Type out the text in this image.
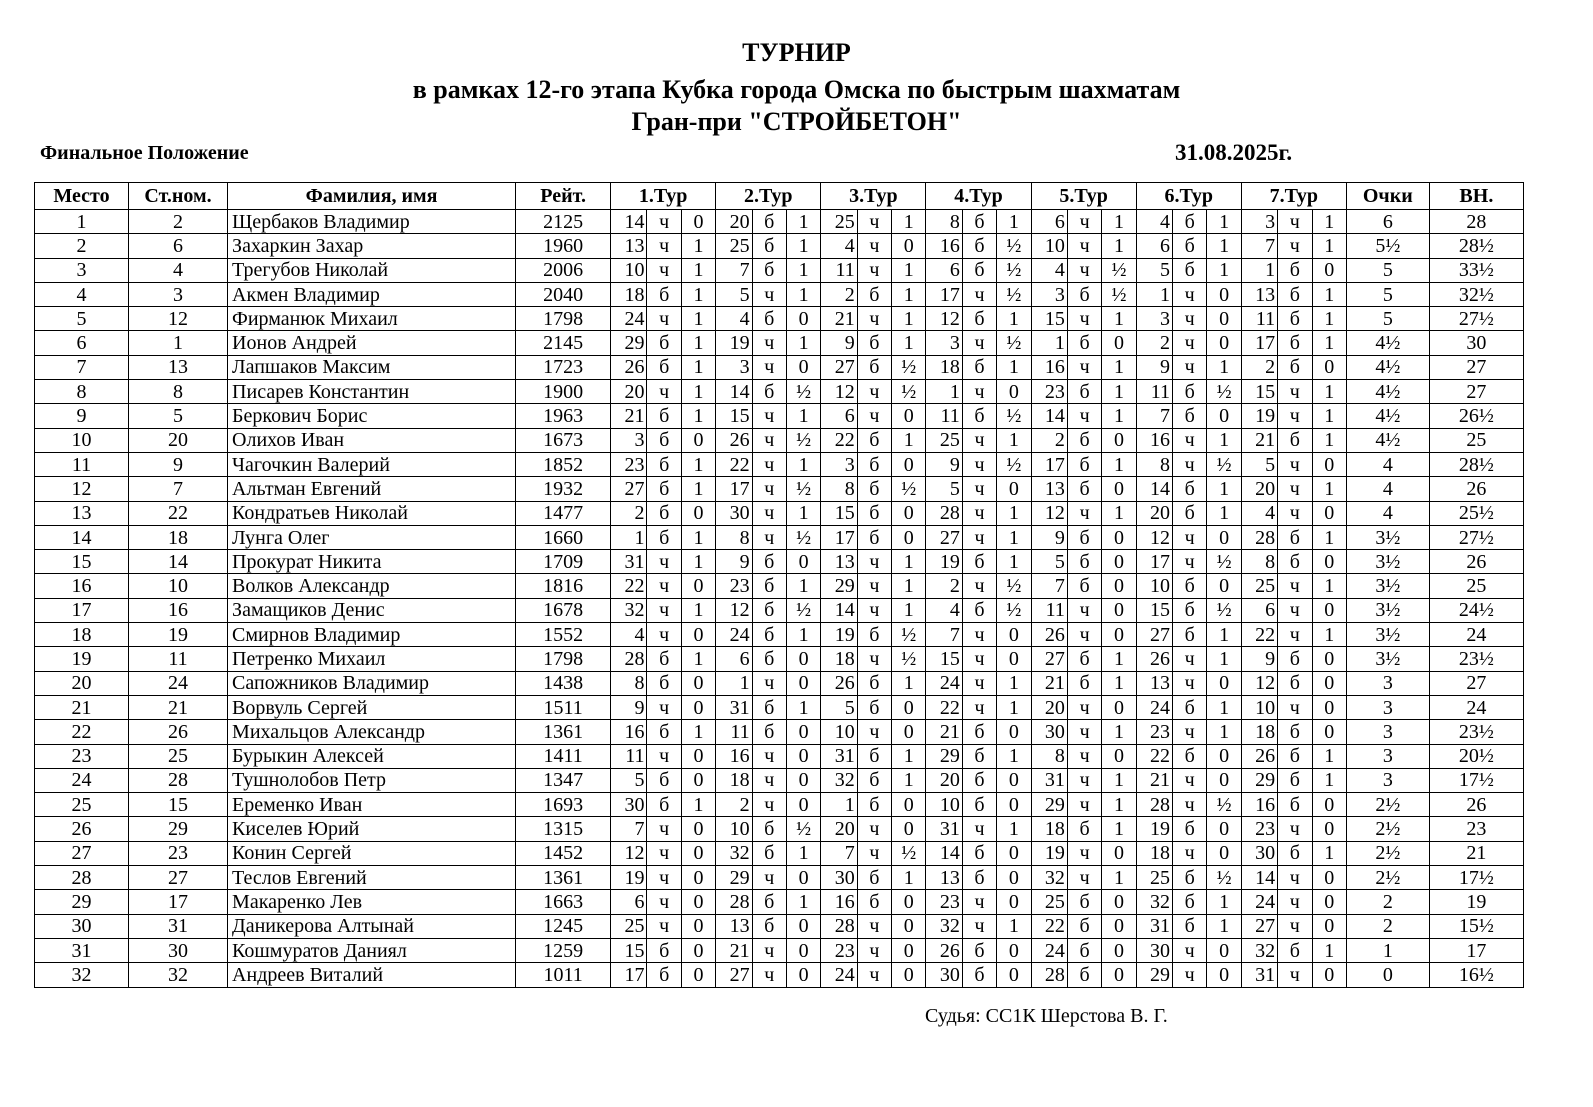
ТУРНИР
в рамках 12-го этапа Кубка города Омска по быстрым шахматам
Гран-при "СТРОЙБЕТОН"
Финальное Положение	31.08.2025г.
Место	Ст.ном.	Фамилия, имя	Рейт.	1.Тур			2.Тур			3.Тур			4.Тур			5.Тур			6.Тур			7.Тур			Очки	ВН.
1	2	Щербаков Владимир	2125	14	ч	0	20	б	1	25	ч	1	8	б	1	6	ч	1	4	б	1	3	ч	1	6	28
2	6	Захаркин Захар	1960	13	ч	1	25	б	1	4	ч	0	16	б	½	10	ч	1	6	б	1	7	ч	1	5½	28½
3	4	Трегубов Николай	2006	10	ч	1	7	б	1	11	ч	1	6	б	½	4	ч	½	5	б	1	1	б	0	5	33½
4	3	Акмен Владимир	2040	18	б	1	5	ч	1	2	б	1	17	ч	½	3	б	½	1	ч	0	13	б	1	5	32½
5	12	Фирманюк Михаил	1798	24	ч	1	4	б	0	21	ч	1	12	б	1	15	ч	1	3	ч	0	11	б	1	5	27½
6	1	Ионов Андрей	2145	29	б	1	19	ч	1	9	б	1	3	ч	½	1	б	0	2	ч	0	17	б	1	4½	30
7	13	Лапшаков Максим	1723	26	б	1	3	ч	0	27	б	½	18	б	1	16	ч	1	9	ч	1	2	б	0	4½	27
8	8	Писарев Константин	1900	20	ч	1	14	б	½	12	ч	½	1	ч	0	23	б	1	11	б	½	15	ч	1	4½	27
9	5	Беркович Борис	1963	21	б	1	15	ч	1	6	ч	0	11	б	½	14	ч	1	7	б	0	19	ч	1	4½	26½
10	20	Олихов Иван	1673	3	б	0	26	ч	½	22	б	1	25	ч	1	2	б	0	16	ч	1	21	б	1	4½	25
11	9	Чагочкин Валерий	1852	23	б	1	22	ч	1	3	б	0	9	ч	½	17	б	1	8	ч	½	5	ч	0	4	28½
12	7	Альтман Евгений	1932	27	б	1	17	ч	½	8	б	½	5	ч	0	13	б	0	14	б	1	20	ч	1	4	26
13	22	Кондратьев Николай	1477	2	б	0	30	ч	1	15	б	0	28	ч	1	12	ч	1	20	б	1	4	ч	0	4	25½
14	18	Лунга Олег	1660	1	б	1	8	ч	½	17	б	0	27	ч	1	9	б	0	12	ч	0	28	б	1	3½	27½
15	14	Прокурат Никита	1709	31	ч	1	9	б	0	13	ч	1	19	б	1	5	б	0	17	ч	½	8	б	0	3½	26
16	10	Волков Александр	1816	22	ч	0	23	б	1	29	ч	1	2	ч	½	7	б	0	10	б	0	25	ч	1	3½	25
17	16	Замащиков Денис	1678	32	ч	1	12	б	½	14	ч	1	4	б	½	11	ч	0	15	б	½	6	ч	0	3½	24½
18	19	Смирнов Владимир	1552	4	ч	0	24	б	1	19	б	½	7	ч	0	26	ч	0	27	б	1	22	ч	1	3½	24
19	11	Петренко Михаил	1798	28	б	1	6	б	0	18	ч	½	15	ч	0	27	б	1	26	ч	1	9	б	0	3½	23½
20	24	Сапожников Владимир	1438	8	б	0	1	ч	0	26	б	1	24	ч	1	21	б	1	13	ч	0	12	б	0	3	27
21	21	Ворвуль Сергей	1511	9	ч	0	31	б	1	5	б	0	22	ч	1	20	ч	0	24	б	1	10	ч	0	3	24
22	26	Михальцов Александр	1361	16	б	1	11	б	0	10	ч	0	21	б	0	30	ч	1	23	ч	1	18	б	0	3	23½
23	25	Бурыкин Алексей	1411	11	ч	0	16	ч	0	31	б	1	29	б	1	8	ч	0	22	б	0	26	б	1	3	20½
24	28	Тушнолобов Петр	1347	5	б	0	18	ч	0	32	б	1	20	б	0	31	ч	1	21	ч	0	29	б	1	3	17½
25	15	Еременко Иван	1693	30	б	1	2	ч	0	1	б	0	10	б	0	29	ч	1	28	ч	½	16	б	0	2½	26
26	29	Киселев Юрий	1315	7	ч	0	10	б	½	20	ч	0	31	ч	1	18	б	1	19	б	0	23	ч	0	2½	23
27	23	Конин Сергей	1452	12	ч	0	32	б	1	7	ч	½	14	б	0	19	ч	0	18	ч	0	30	б	1	2½	21
28	27	Теслов Евгений	1361	19	ч	0	29	ч	0	30	б	1	13	б	0	32	ч	1	25	б	½	14	ч	0	2½	17½
29	17	Макаренко Лев	1663	6	ч	0	28	б	1	16	б	0	23	ч	0	25	б	0	32	б	1	24	ч	0	2	19
30	31	Даникерова Алтынай	1245	25	ч	0	13	б	0	28	ч	0	32	ч	1	22	б	0	31	б	1	27	ч	0	2	15½
31	30	Кошмуратов Даниял	1259	15	б	0	21	ч	0	23	ч	0	26	б	0	24	б	0	30	ч	0	32	б	1	1	17
32	32	Андреев Виталий	1011	17	б	0	27	ч	0	24	ч	0	30	б	0	28	б	0	29	ч	0	31	ч	0	0	16½
Судья: СС1К Шерстова В. Г.
